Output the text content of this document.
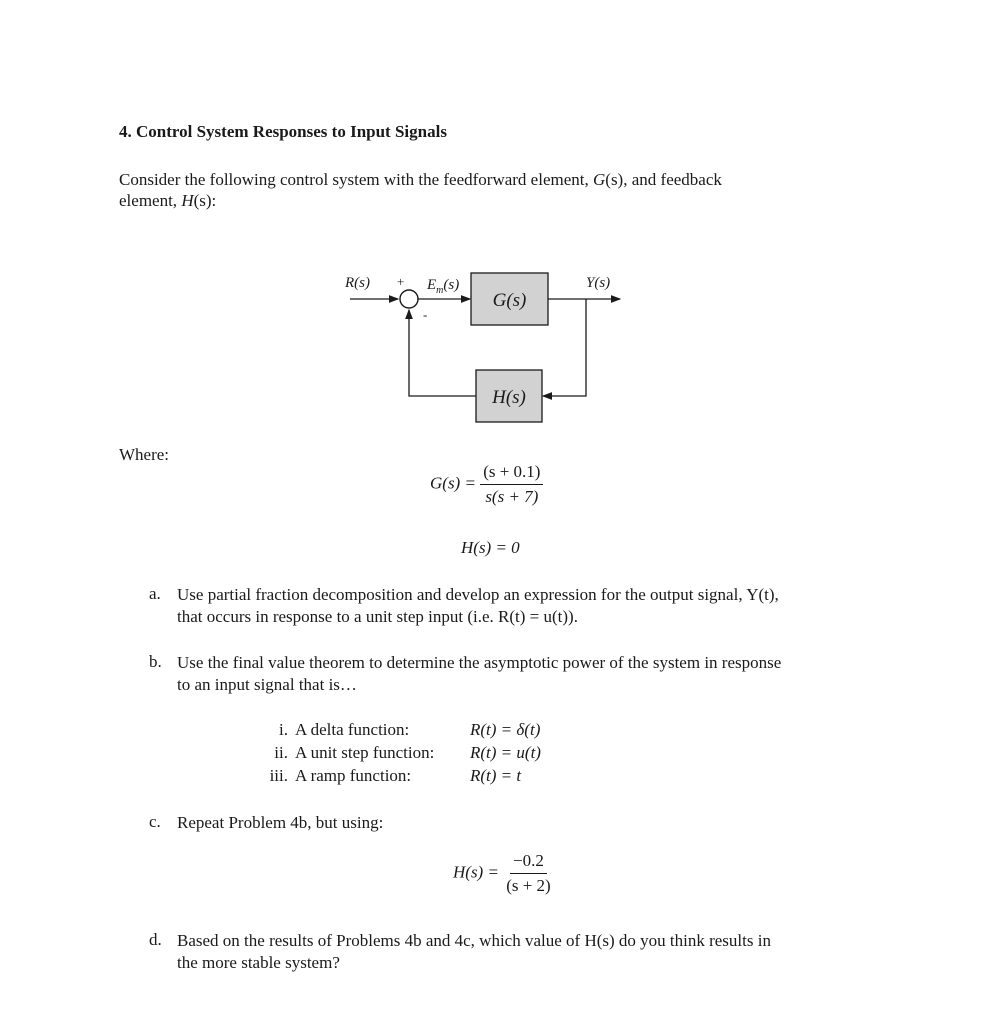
4. Control System Responses to Input Signals
Consider the following control system with the feedforward element, G(s), and feedback
element, H(s):
R(s) +
-
$E_m(s)$
G(s)
H(s)
Y(s)
Where:
$G(s) = \frac{(s + 0.1)}{s(s + 7)}$
H(s) = 0
a. Use partial fraction decomposition and develop an expression for the output signal, Y(t),
that occurs in response to a unit step input (i.e. R(t) = u(t)).
b. Use the final value theorem to determine the asymptotic power of the system in response
to an input signal that is…
i. A delta function:	R(t) = δ(t)
ii. A unit step function: R(t) = u(t)
iii. A ramp function:	R(t) = t
c. Repeat Problem 4b, but using:
$H(s) = \frac{-0.2}{(s + 2)}$
d. Based on the results of Problems 4b and 4c, which value of H(s) do you think results in
the more stable system?
